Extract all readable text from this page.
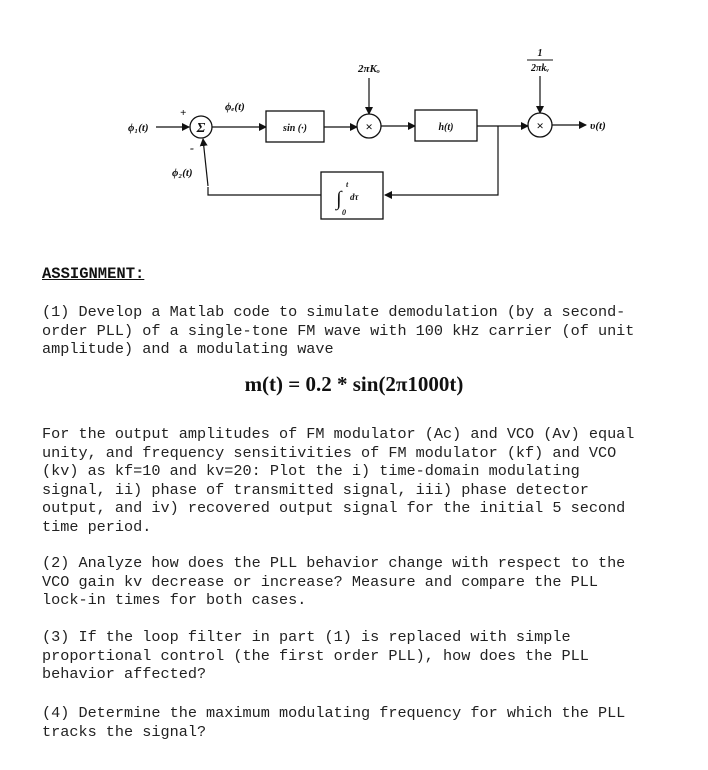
ϕ₁(t)	Σ
+
-
ϕ₂(t)
ϕₑ(t)
sin (·)
2πKₒ
×	h(t)
1
2πkᵥ
×	υ(t)
t
∫
0
dτ
ASSIGNMENT:

(1) Develop a Matlab code to simulate demodulation (by a second-
order PLL) of a single-tone FM wave with 100 kHz carrier (of unit
amplitude) and a modulating wave

m(t) = 0.2 * sin(2π1000t)

For the output amplitudes of FM modulator (Ac) and VCO (Av) equal
unity, and frequency sensitivities of FM modulator (kf) and VCO
(kv) as kf=10 and kv=20: Plot the i) time-domain modulating
signal, ii) phase of transmitted signal, iii) phase detector
output, and iv) recovered output signal for the initial 5 second
time period.

(2) Analyze how does the PLL behavior change with respect to the
VCO gain kv decrease or increase? Measure and compare the PLL
lock-in times for both cases.

(3) If the loop filter in part (1) is replaced with simple
proportional control (the first order PLL), how does the PLL
behavior affected?

(4) Determine the maximum modulating frequency for which the PLL
tracks the signal?
